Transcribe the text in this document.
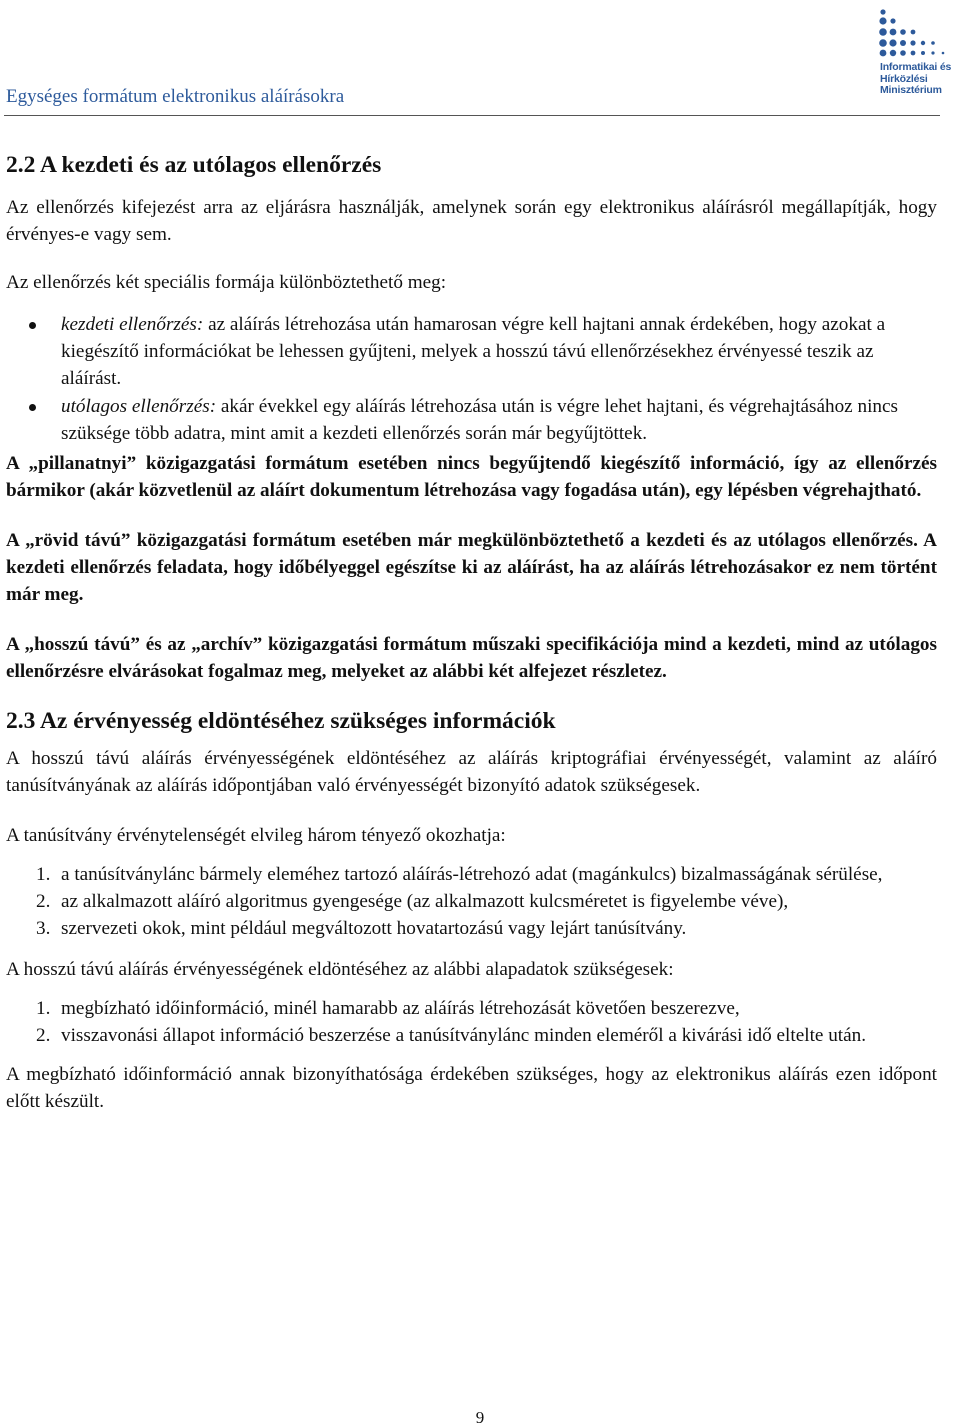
Egységes formátum elektronikus aláírásokra
Informatikai és
Hírközlési
Minisztérium
2.2 A kezdeti és az utólagos ellenőrzés

Az ellenőrzés kifejezést arra az eljárásra használják, amelynek során egy elektronikus aláírásról megállapítják, hogy érvényes-e vagy sem.

Az ellenőrzés két speciális formája különböztethető meg:

kezdeti ellenőrzés: az aláírás létrehozása után hamarosan végre kell hajtani annak érdekében, hogy azokat a kiegészítő információkat be lehessen gyűjteni, melyek a hosszú távú ellenőrzésekhez érvényessé teszik az aláírást.
utólagos ellenőrzés: akár évekkel egy aláírás létrehozása után is végre lehet hajtani, és végrehajtásához nincs szüksége több adatra, mint amit a kezdeti ellenőrzés során már begyűjtöttek.

A „pillanatnyi” közigazgatási formátum esetében nincs begyűjtendő kiegészítő információ, így az ellenőrzés bármikor (akár közvetlenül az aláírt dokumentum létrehozása vagy fogadása után), egy lépésben végrehajtható.

A „rövid távú” közigazgatási formátum esetében már megkülönböztethető a kezdeti és az utólagos ellenőrzés. A kezdeti ellenőrzés feladata, hogy időbélyeggel egészítse ki az aláírást, ha az aláírás létrehozásakor ez nem történt már meg.

A „hosszú távú” és az „archív” közigazgatási formátum műszaki specifikációja mind a kezdeti, mind az utólagos ellenőrzésre elvárásokat fogalmaz meg, melyeket az alábbi két alfejezet részletez.

2.3 Az érvényesség eldöntéséhez szükséges információk

A hosszú távú aláírás érvényességének eldöntéséhez az aláírás kriptográfiai érvényességét, valamint az aláíró tanúsítványának az aláírás időpontjában való érvényességét bizonyító adatok szükségesek.

A tanúsítvány érvénytelenségét elvileg három tényező okozhatja:

1. a tanúsítványlánc bármely eleméhez tartozó aláírás-létrehozó adat (magánkulcs) bizalmasságának sérülése,
2. az alkalmazott aláíró algoritmus gyengesége (az alkalmazott kulcsméretet is figyelembe véve),
3. szervezeti okok, mint például megváltozott hovatartozású vagy lejárt tanúsítvány.

A hosszú távú aláírás érvényességének eldöntéséhez az alábbi alapadatok szükségesek:

1. megbízható időinformáció, minél hamarabb az aláírás létrehozását követően beszerezve,
2. visszavonási állapot információ beszerzése a tanúsítványlánc minden eleméről a kivárási idő eltelte után.

A megbízható időinformáció annak bizonyíthatósága érdekében szükséges, hogy az elektronikus aláírás ezen időpont előtt készült.

9
